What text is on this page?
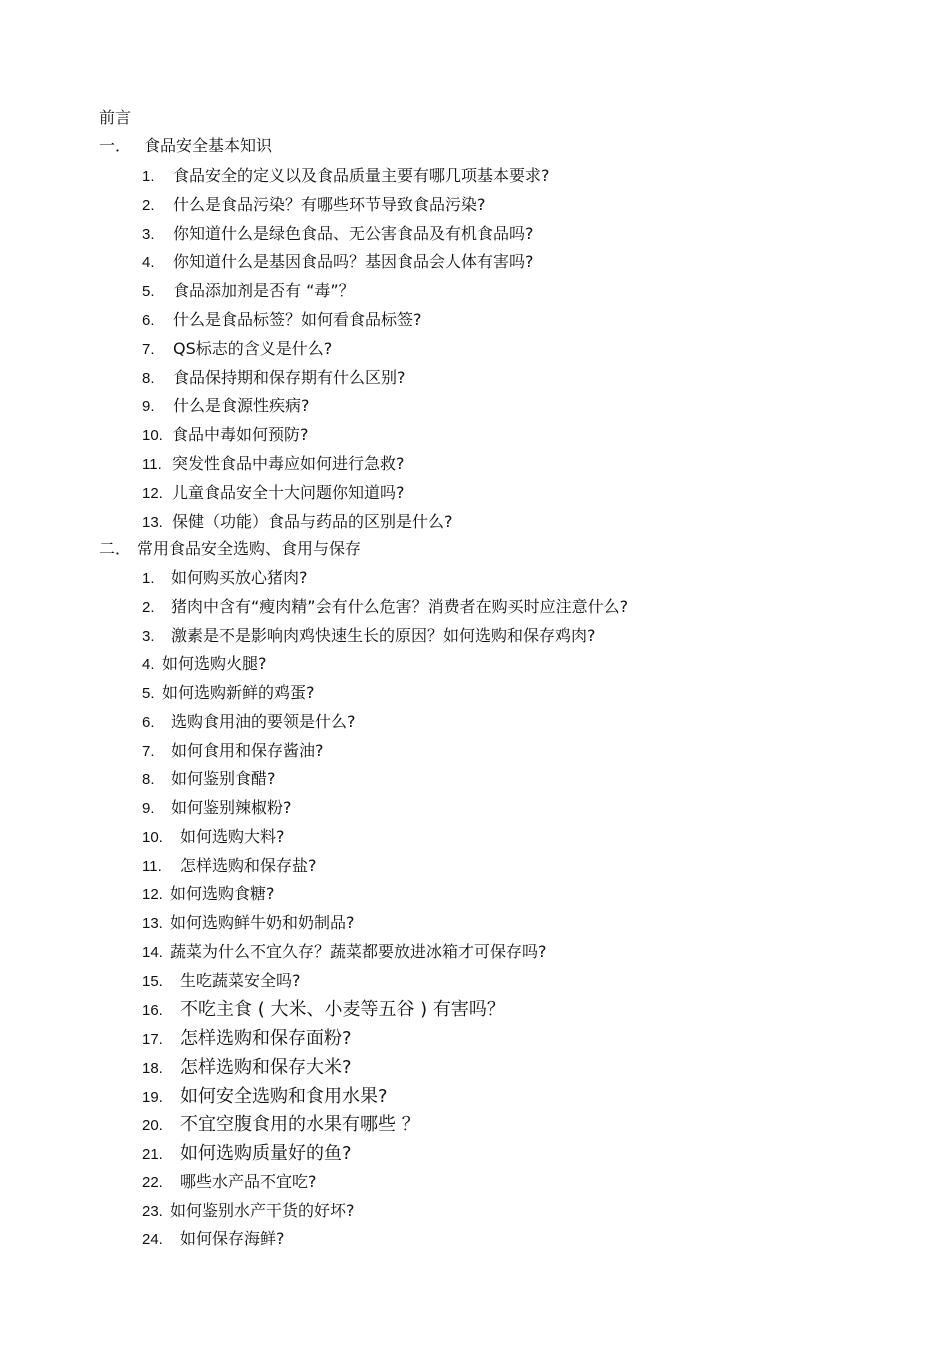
前言
一． 食品安全基本知识
1. 食品安全的定义以及食品质量主要有哪几项基本要求?
2. 什么是食品污染？有哪些环节导致食品污染?
3. 你知道什么是绿色食品、无公害食品及有机食品吗?
4. 你知道什么是基因食品吗？基因食品会人体有害吗?
5. 食品添加剂是否有 “毒”？
6. 什么是食品标签？如何看食品标签?
7. QS标志的含义是什么?
8. 食品保持期和保存期有什么区别?
9. 什么是食源性疾病?
10. 食品中毒如何预防?
11. 突发性食品中毒应如何进行急救?
12. 儿童食品安全十大问题你知道吗?
13. 保健（功能）食品与药品的区别是什么?
二． 常用食品安全选购、食用与保存
1. 如何购买放心猪肉?
2. 猪肉中含有“瘦肉精”会有什么危害？消费者在购买时应注意什么?
3. 激素是不是影响肉鸡快速生长的原因？如何选购和保存鸡肉?
4. 如何选购火腿?
5. 如何选购新鲜的鸡蛋?
6. 选购食用油的要领是什么?
7. 如何食用和保存酱油?
8. 如何鉴别食醋?
9. 如何鉴别辣椒粉?
10. 如何选购大料?
11. 怎样选购和保存盐?
12. 如何选购食糖?
13. 如何选购鲜牛奶和奶制品?
14. 蔬菜为什么不宜久存？蔬菜都要放进冰箱才可保存吗?
15. 生吃蔬菜安全吗?
16. 不吃主食 ( 大米、小麦等五谷 ) 有害吗？
17. 怎样选购和保存面粉?
18. 怎样选购和保存大米?
19. 如何安全选购和食用水果?
20. 不宜空腹食用的水果有哪些 ？
21. 如何选购质量好的鱼?
22. 哪些水产品不宜吃?
23. 如何鉴别水产干货的好坏?
24. 如何保存海鲜?
